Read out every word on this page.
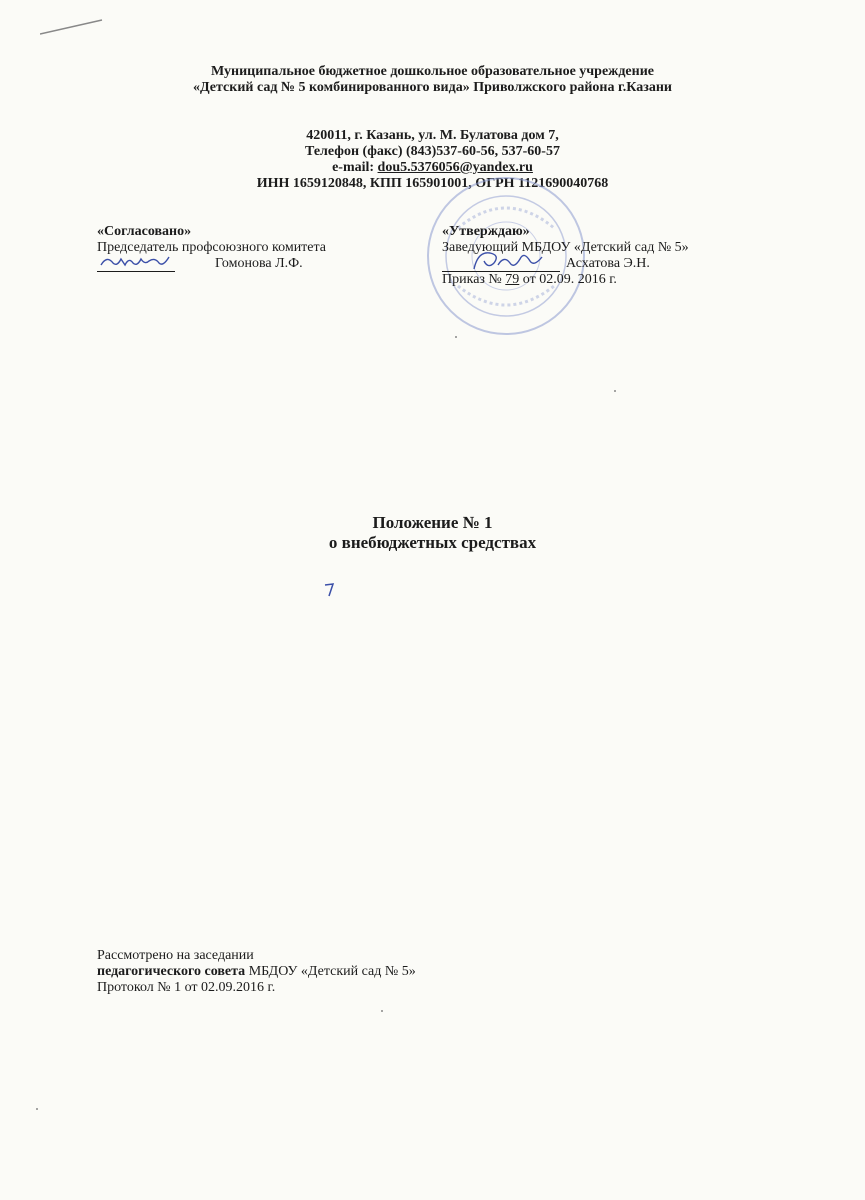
Муниципальное бюджетное дошкольное образовательное учреждение
«Детский сад № 5 комбинированного вида» Приволжского района г.Казани
420011, г. Казань, ул. М. Булатова дом 7,
Телефон (факс) (843)537-60-56, 537-60-57
e-mail: dou5.5376056@yandex.ru
ИНН 1659120848, КПП 165901001, ОГРН 1121690040768
«Согласовано»
Председатель профсоюзного комитета
Гомонова Л.Ф.
«Утверждаю»
Заведующий МБДОУ «Детский сад № 5»
Асхатова Э.Н.
Приказ № 79 от 02.09. 2016 г.
Положение № 1
о внебюджетных средствах
Рассмотрено на заседании
педагогического совета МБДОУ «Детский сад № 5»
Протокол № 1 от 02.09.2016 г.
